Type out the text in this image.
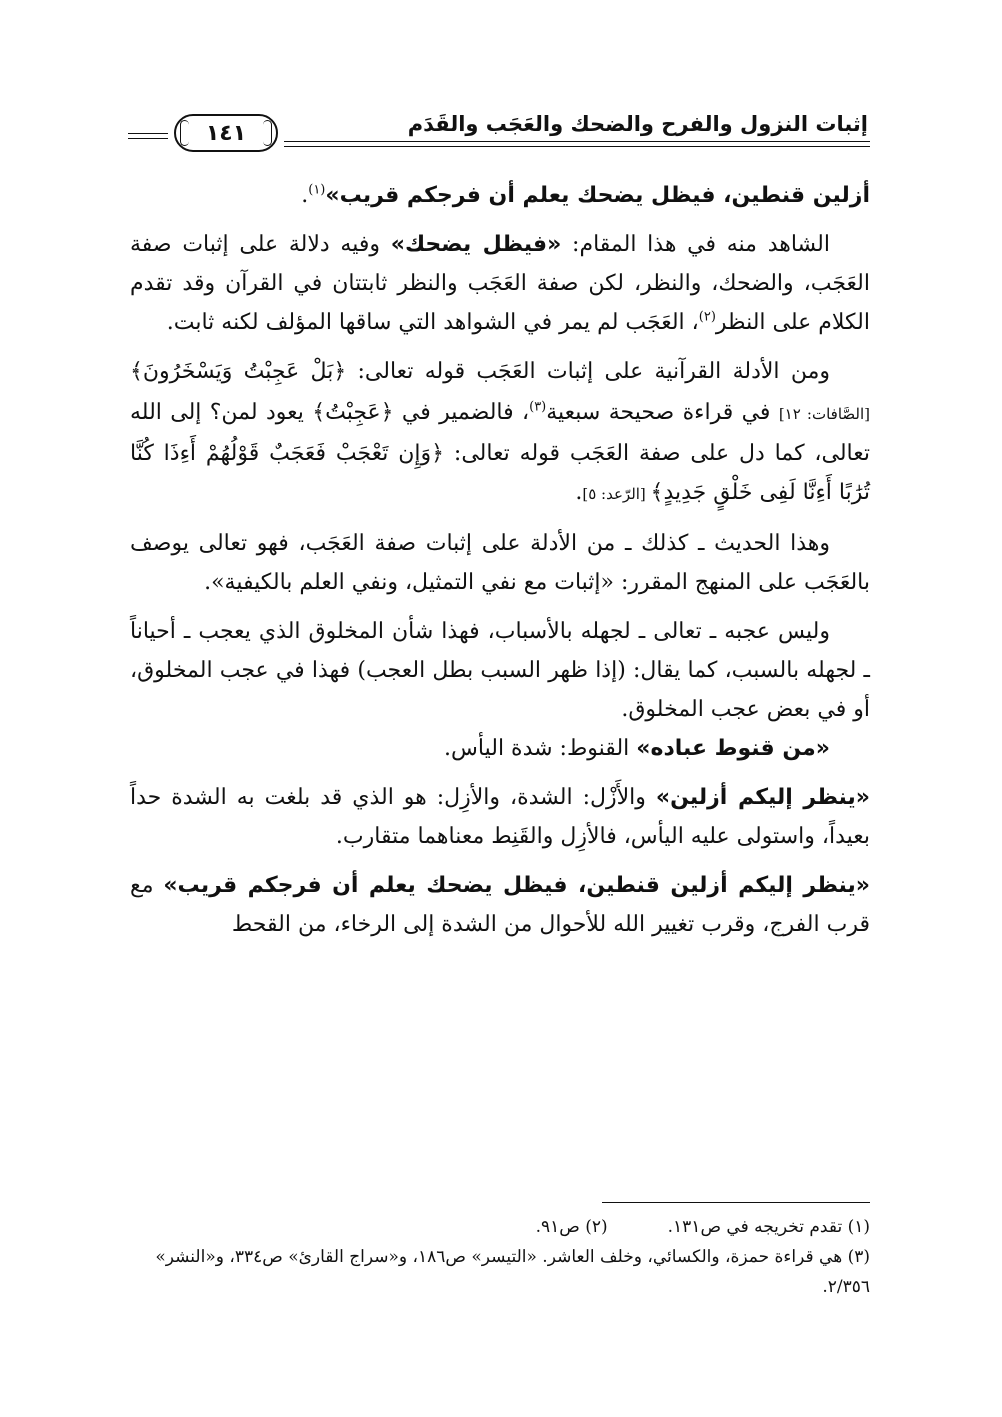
إثبات النزول والفرح والضحك والعَجَب والقَدَم
١٤١

أزلين قنطين، فيظل يضحك يعلم أن فرجكم قريب»$^{(١)}$.

الشاهد منه في هذا المقام: «فيظل يضحك» وفيه دلالة على إثبات صفة العَجَب، والضحك، والنظر، لكن صفة العَجَب والنظر ثابتتان في القرآن وقد تقدم الكلام على النظر$^{(٢)}$، العَجَب لم يمر في الشواهد التي ساقها المؤلف لكنه ثابت.

ومن الأدلة القرآنية على إثبات العَجَب قوله تعالى: ﴿بَلْ عَجِبْتُ وَيَسْخَرُونَ﴾ [الصَّافات: ١٢] في قراءة صحيحة سبعية$^{(٣)}$، فالضمير في ﴿عَجِبْتُ﴾ يعود لمن؟ إلى الله تعالى، كما دل على صفة العَجَب قوله تعالى: ﴿وَإِن تَعْجَبْ فَعَجَبٌ قَوْلُهُمْ أَءِذَا كُنَّا تُرَٰبًا أَءِنَّا لَفِى خَلْقٍ جَدِيدٍ﴾ [الرّعد: ٥].

وهذا الحديث ـ كذلك ـ من الأدلة على إثبات صفة العَجَب، فهو تعالى يوصف بالعَجَب على المنهج المقرر: «إثبات مع نفي التمثيل، ونفي العلم بالكيفية».

وليس عجبه ـ تعالى ـ لجهله بالأسباب، فهذا شأن المخلوق الذي يعجب ـ أحياناً ـ لجهله بالسبب، كما يقال: (إذا ظهر السبب بطل العجب) فهذا في عجب المخلوق، أو في بعض عجب المخلوق.

«من قنوط عباده» القنوط: شدة اليأس.

«ينظر إليكم أزلين» والأَزْل: الشدة، والأزِل: هو الذي قد بلغت به الشدة حداً بعيداً، واستولى عليه اليأس، فالأزِل والقَنِط معناهما متقارب.

«ينظر إليكم أزلين قنطين، فيظل يضحك يعلم أن فرجكم قريب» مع قرب الفرج، وقرب تغيير الله للأحوال من الشدة إلى الرخاء، من القحط

(١) تقدم تخريجه في ص١٣١.

(٢) ص٩١.

(٣) هي قراءة حمزة، والكسائي، وخلف العاشر. «التيسر» ص١٨٦، و«سراج القارئ» ص٣٣٤، و«النشر» ٢/٣٥٦.
